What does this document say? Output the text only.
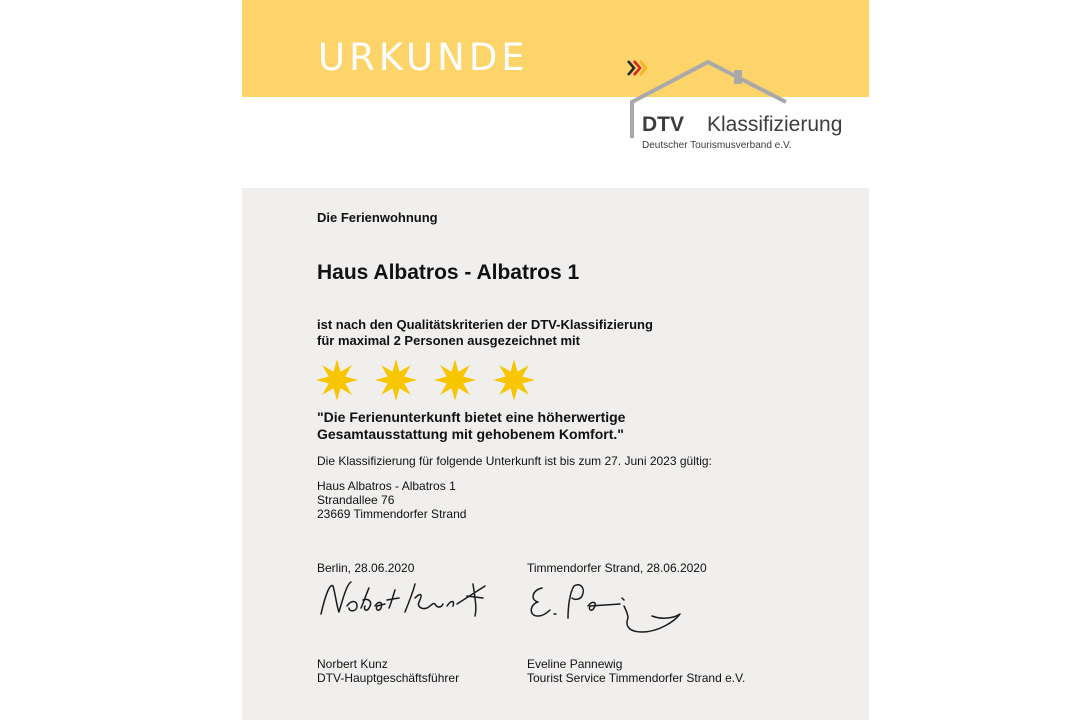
URKUNDE
DTV Klassifizierung
Deutscher Tourismusverband e.V.
Die Ferienwohnung
Haus Albatros - Albatros 1
ist nach den Qualitätskriterien der DTV-Klassifizierung
für maximal 2 Personen ausgezeichnet mit
"Die Ferienunterkunft bietet eine höherwertige
Gesamtausstattung mit gehobenem Komfort."
Die Klassifizierung für folgende Unterkunft ist bis zum 27. Juni 2023 gültig:
Haus Albatros - Albatros 1
Strandallee 76
23669 Timmendorfer Strand
Berlin, 28.06.2020	Timmendorfer Strand, 28.06.2020
Norbert Kunz
DTV-Hauptgeschäftsführer
Eveline Pannewig
Tourist Service Timmendorfer Strand e.V.
